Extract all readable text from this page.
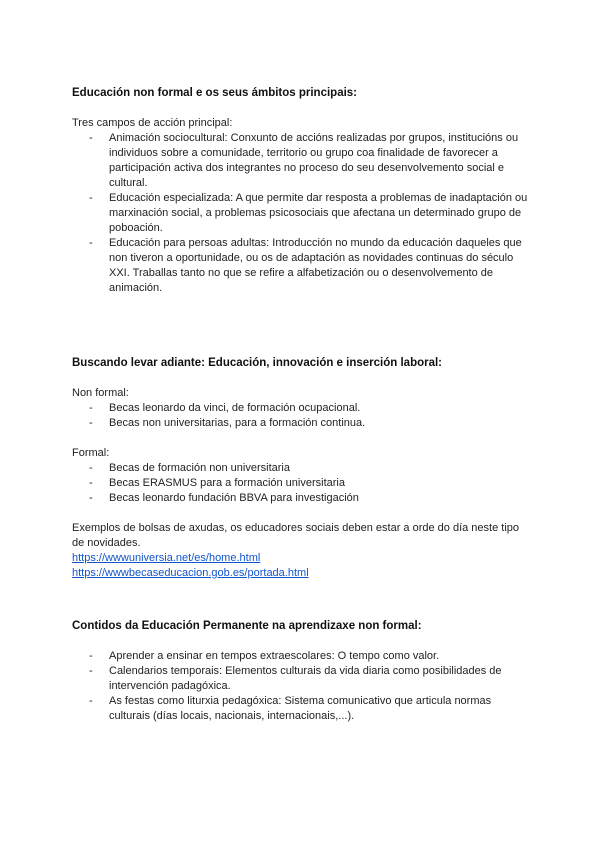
Educación non formal e os seus ámbitos principais:

Tres campos de acción principal:

- Animación sociocultural: Conxunto de accións realizadas por grupos, institucións ou individuos sobre a comunidade, territorio ou grupo coa finalidade de favorecer a participación activa dos integrantes no proceso do seu desenvolvemento social e cultural.
- Educación especializada: A que permite dar resposta a problemas de inadaptación ou marxinación social, a problemas psicosociais que afectana un determinado grupo de poboación.
- Educación para persoas adultas: Introducción no mundo da educación daqueles que non tiveron a oportunidade, ou os de adaptación as novidades continuas do século XXI. Traballas tanto no que se refire a alfabetización ou o desenvolvemento de animación.

Buscando levar adiante: Educación, innovación e inserción laboral:

Non formal:

- Becas leonardo da vinci, de formación ocupacional.
- Becas non universitarias, para a formación continua.

Formal:

- Becas de formación non universitaria
- Becas ERASMUS para a formación universitaria
- Becas leonardo fundación BBVA para investigación

Exemplos de bolsas de axudas, os educadores sociais deben estar a orde do día neste tipo de novidades.

https://wwwuniversia.net/es/home.html
https://wwwbecaseducacion.gob.es/portada.html

Contidos da Educación Permanente na aprendizaxe non formal:

- Aprender a ensinar en tempos extraescolares: O tempo como valor.
- Calendarios temporais: Elementos culturais da vida diaria como posibilidades de intervención padagóxica.
- As festas como liturxia pedagóxica: Sistema comunicativo que articula normas culturais (días locais, nacionais, internacionais,...).
